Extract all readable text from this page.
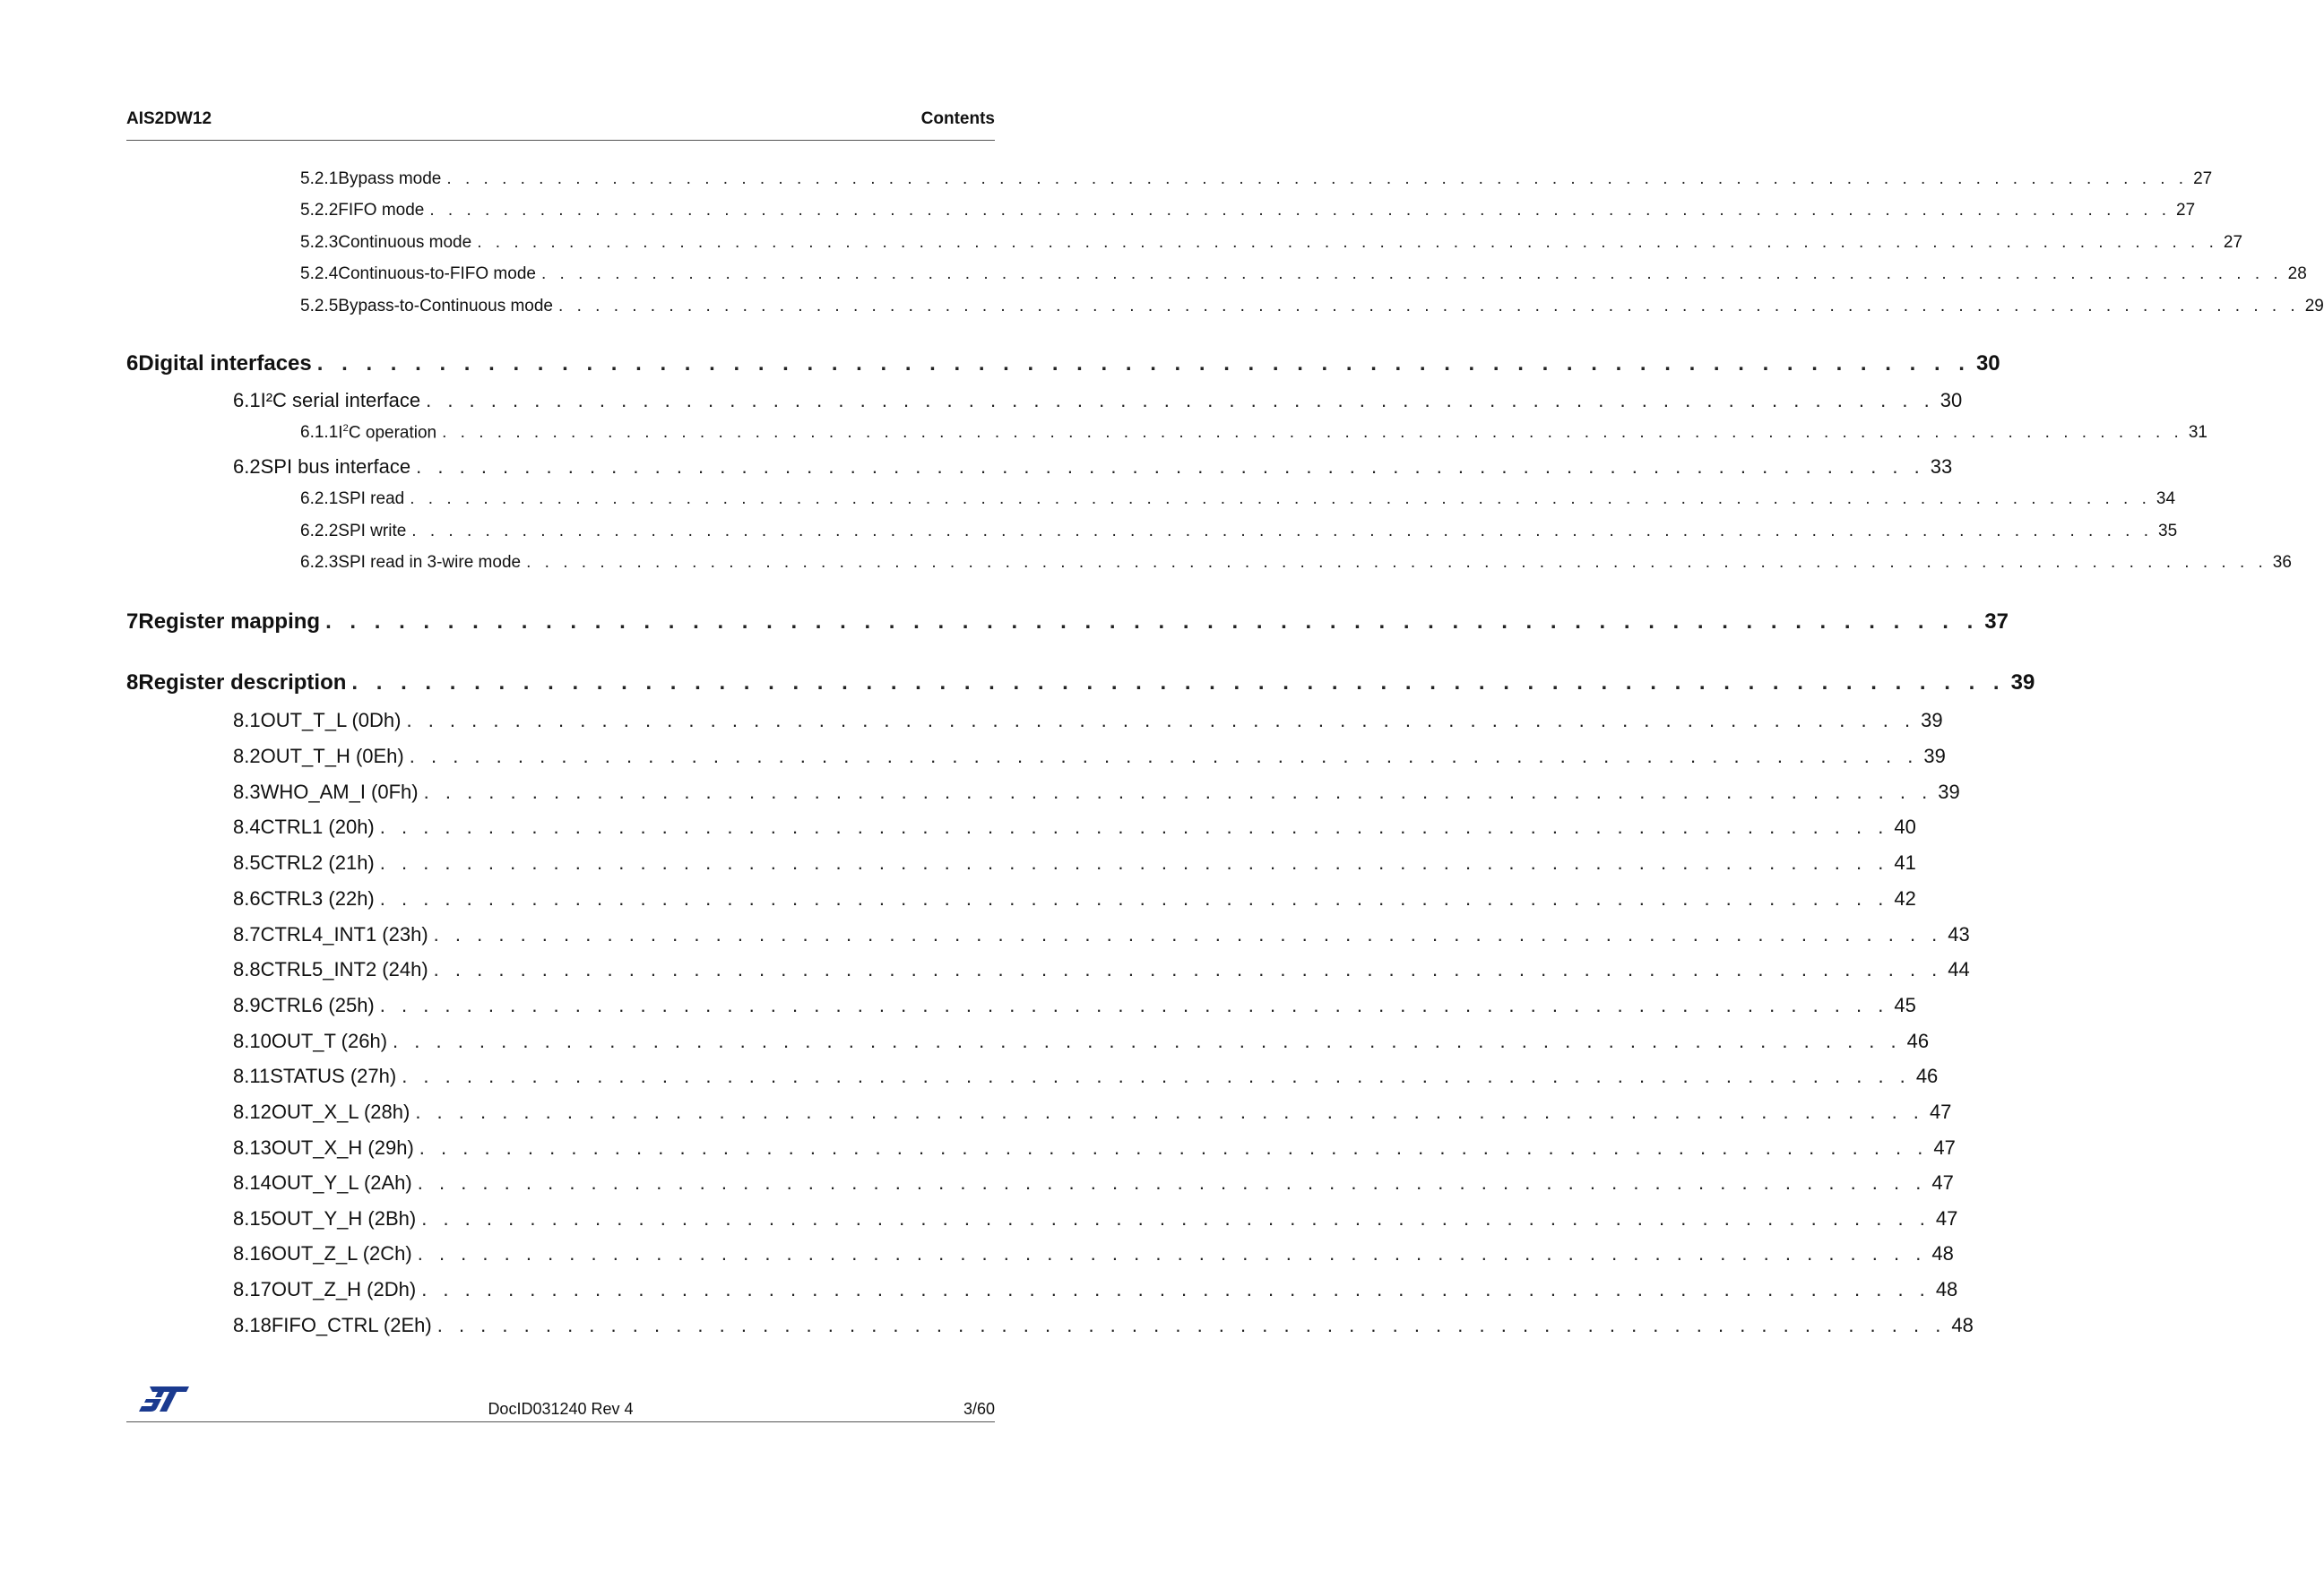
AIS2DW12	Contents
5.2.1 Bypass mode . . . . . . . . . . . . . . . . . . . . . . . . . . . . . . . . . . . . . . . . . . . . . . . . . . . . . . . . . . . . . . . . . . . . . . . . . . . . . . . . . . . . . . . . . . . . . . . 27
5.2.2 FIFO mode . . . . . . . . . . . . . . . . . . . . . . . . . . . . . . . . . . . . . . . . . . . . . . . . . . . . . . . . . . . . . . . . . . . . . . . . . . . . . . . . . . . . . . . . . . . . . . . 27
5.2.3 Continuous mode . . . . . . . . . . . . . . . . . . . . . . . . . . . . . . . . . . . . . . . . . . . . . . . . . . . . . . . . . . . . . . . . . . . . . . . . . . . . . . . . . . . . . . . . . . . . . . . 27
5.2.4 Continuous-to-FIFO mode . . . . . . . . . . . . . . . . . . . . . . . . . . . . . . . . . . . . . . . . . . . . . . . . . . . . . . . . . . . . . . . . . . . . . . . . . . . . . . . . . . . . . . . . . . . . . . . 28
5.2.5 Bypass-to-Continuous mode . . . . . . . . . . . . . . . . . . . . . . . . . . . . . . . . . . . . . . . . . . . . . . . . . . . . . . . . . . . . . . . . . . . . . . . . . . . . . . . . . . . . . . . . . . . . . . . 29
6 Digital interfaces . . . . . . . . . . . . . . . . . . . . . . . . . . . . . . . . . . . . . . . . . . . . . . . . . . . . . . . . . . . . . . . . . . . . 30
6.1 I²C serial interface . . . . . . . . . . . . . . . . . . . . . . . . . . . . . . . . . . . . . . . . . . . . . . . . . . . . . . . . . . . . . . . . . . . . . . 30
6.1.1 $I^2C$ operation . . . . . . . . . . . . . . . . . . . . . . . . . . . . . . . . . . . . . . . . . . . . . . . . . . . . . . . . . . . . . . . . . . . . . . . . . . . . . . . . . . . . . . . . . . . . . . . 31
6.2 SPI bus interface . . . . . . . . . . . . . . . . . . . . . . . . . . . . . . . . . . . . . . . . . . . . . . . . . . . . . . . . . . . . . . . . . . . . . . 33
6.2.1 SPI read . . . . . . . . . . . . . . . . . . . . . . . . . . . . . . . . . . . . . . . . . . . . . . . . . . . . . . . . . . . . . . . . . . . . . . . . . . . . . . . . . . . . . . . . . . . . . . . 34
6.2.2 SPI write . . . . . . . . . . . . . . . . . . . . . . . . . . . . . . . . . . . . . . . . . . . . . . . . . . . . . . . . . . . . . . . . . . . . . . . . . . . . . . . . . . . . . . . . . . . . . . . 35
6.2.3 SPI read in 3-wire mode . . . . . . . . . . . . . . . . . . . . . . . . . . . . . . . . . . . . . . . . . . . . . . . . . . . . . . . . . . . . . . . . . . . . . . . . . . . . . . . . . . . . . . . . . . . . . . . 36
7 Register mapping . . . . . . . . . . . . . . . . . . . . . . . . . . . . . . . . . . . . . . . . . . . . . . . . . . . . . . . . . . . . . . . . . . . . 37
8 Register description . . . . . . . . . . . . . . . . . . . . . . . . . . . . . . . . . . . . . . . . . . . . . . . . . . . . . . . . . . . . . . . . . . . . 39
8.1 OUT_T_L (0Dh) . . . . . . . . . . . . . . . . . . . . . . . . . . . . . . . . . . . . . . . . . . . . . . . . . . . . . . . . . . . . . . . . . . . . . . 39
8.2 OUT_T_H (0Eh) . . . . . . . . . . . . . . . . . . . . . . . . . . . . . . . . . . . . . . . . . . . . . . . . . . . . . . . . . . . . . . . . . . . . . . 39
8.3 WHO_AM_I (0Fh) . . . . . . . . . . . . . . . . . . . . . . . . . . . . . . . . . . . . . . . . . . . . . . . . . . . . . . . . . . . . . . . . . . . . . . 39
8.4 CTRL1 (20h) . . . . . . . . . . . . . . . . . . . . . . . . . . . . . . . . . . . . . . . . . . . . . . . . . . . . . . . . . . . . . . . . . . . . . . 40
8.5 CTRL2 (21h) . . . . . . . . . . . . . . . . . . . . . . . . . . . . . . . . . . . . . . . . . . . . . . . . . . . . . . . . . . . . . . . . . . . . . . 41
8.6 CTRL3 (22h) . . . . . . . . . . . . . . . . . . . . . . . . . . . . . . . . . . . . . . . . . . . . . . . . . . . . . . . . . . . . . . . . . . . . . . 42
8.7 CTRL4_INT1 (23h) . . . . . . . . . . . . . . . . . . . . . . . . . . . . . . . . . . . . . . . . . . . . . . . . . . . . . . . . . . . . . . . . . . . . . . 43
8.8 CTRL5_INT2 (24h) . . . . . . . . . . . . . . . . . . . . . . . . . . . . . . . . . . . . . . . . . . . . . . . . . . . . . . . . . . . . . . . . . . . . . . 44
8.9 CTRL6 (25h) . . . . . . . . . . . . . . . . . . . . . . . . . . . . . . . . . . . . . . . . . . . . . . . . . . . . . . . . . . . . . . . . . . . . . . 45
8.10 OUT_T (26h) . . . . . . . . . . . . . . . . . . . . . . . . . . . . . . . . . . . . . . . . . . . . . . . . . . . . . . . . . . . . . . . . . . . . . . 46
8.11 STATUS (27h) . . . . . . . . . . . . . . . . . . . . . . . . . . . . . . . . . . . . . . . . . . . . . . . . . . . . . . . . . . . . . . . . . . . . . . 46
8.12 OUT_X_L (28h) . . . . . . . . . . . . . . . . . . . . . . . . . . . . . . . . . . . . . . . . . . . . . . . . . . . . . . . . . . . . . . . . . . . . . . 47
8.13 OUT_X_H (29h) . . . . . . . . . . . . . . . . . . . . . . . . . . . . . . . . . . . . . . . . . . . . . . . . . . . . . . . . . . . . . . . . . . . . . . 47
8.14 OUT_Y_L (2Ah) . . . . . . . . . . . . . . . . . . . . . . . . . . . . . . . . . . . . . . . . . . . . . . . . . . . . . . . . . . . . . . . . . . . . . . 47
8.15 OUT_Y_H (2Bh) . . . . . . . . . . . . . . . . . . . . . . . . . . . . . . . . . . . . . . . . . . . . . . . . . . . . . . . . . . . . . . . . . . . . . . 47
8.16 OUT_Z_L (2Ch) . . . . . . . . . . . . . . . . . . . . . . . . . . . . . . . . . . . . . . . . . . . . . . . . . . . . . . . . . . . . . . . . . . . . . . 48
8.17 OUT_Z_H (2Dh) . . . . . . . . . . . . . . . . . . . . . . . . . . . . . . . . . . . . . . . . . . . . . . . . . . . . . . . . . . . . . . . . . . . . . . 48
8.18 FIFO_CTRL (2Eh) . . . . . . . . . . . . . . . . . . . . . . . . . . . . . . . . . . . . . . . . . . . . . . . . . . . . . . . . . . . . . . . . . . . . . . 48
DocID031240 Rev 4	3/60
